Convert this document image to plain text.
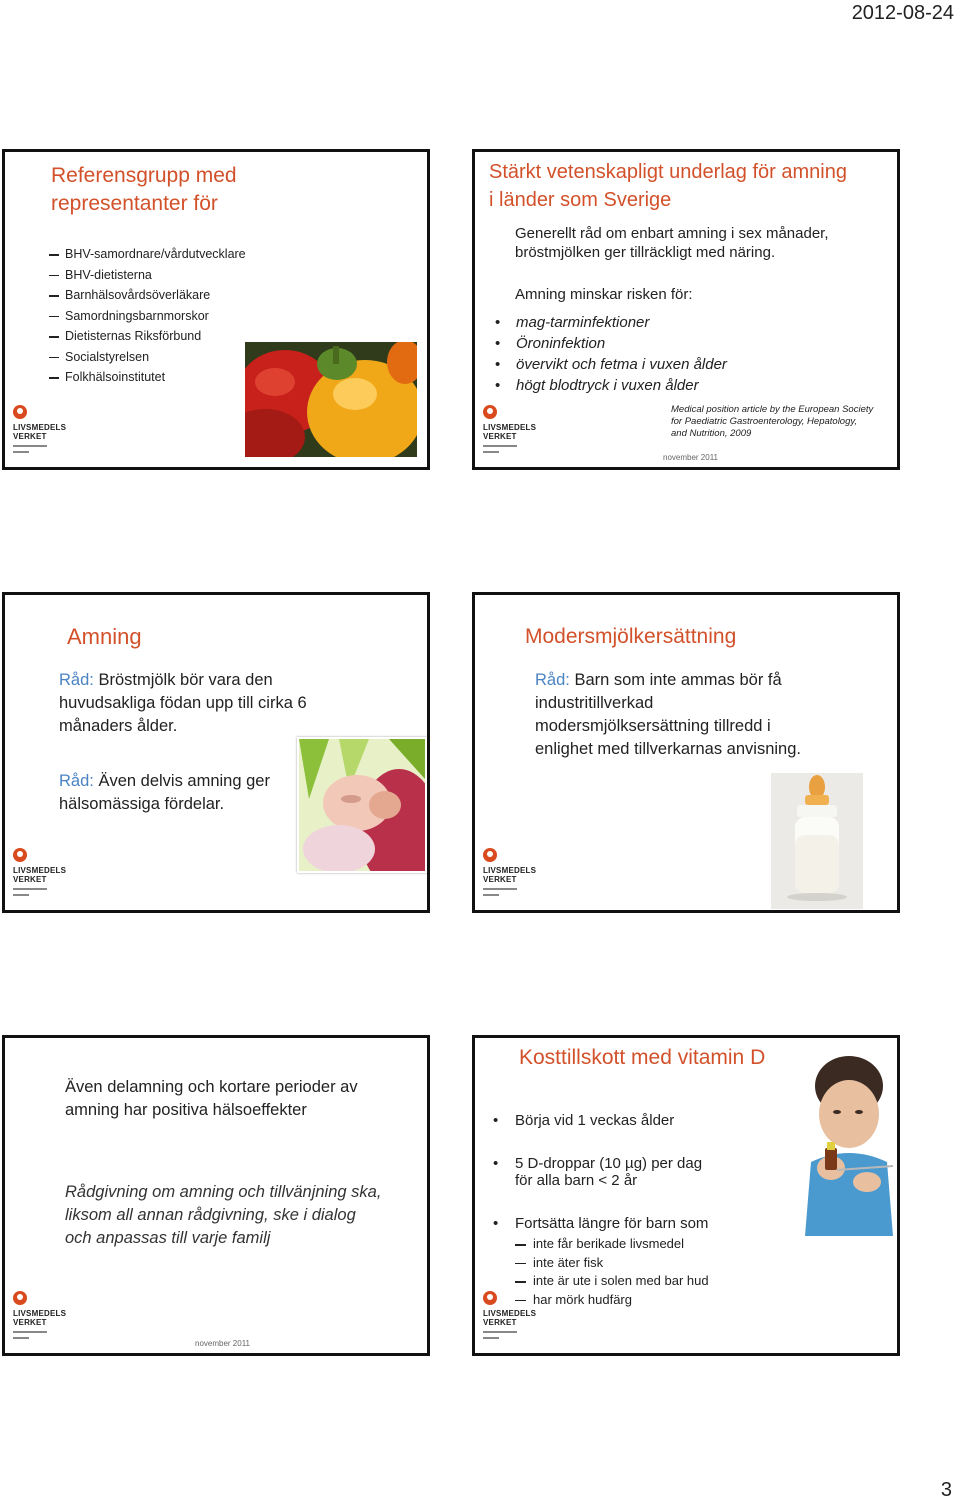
2012-08-24
Referensgrupp med
representanter för
BHV-samordnare/vårdutvecklare
BHV-dietisterna
Barnhälsovårdsöverläkare
Samordningsbarnmorskor
Dietisternas Riksförbund
Socialstyrelsen
Folkhälsoinstitutet
LIVSMEDELS
VERKET
Stärkt vetenskapligt underlag för amning
i länder som Sverige
Generellt råd om enbart amning i sex månader,
bröstmjölken ger tillräckligt med näring.
Amning minskar risken för:
• mag-tarminfektioner
• Öroninfektion
• övervikt och fetma i vuxen ålder
• högt blodtryck i vuxen ålder
Medical position article by the European Society
for Paediatric Gastroenterology, Hepatology,
and Nutrition, 2009
november 2011
LIVSMEDELS
VERKET
Amning
Råd: Bröstmjölk bör vara den
huvudsakliga födan upp till cirka 6
månaders ålder.
Råd: Även delvis amning ger
hälsomässiga fördelar.
LIVSMEDELS
VERKET
Modersmjölkersättning
Råd: Barn som inte ammas bör få
industritillverkad
modersmjölksersättning tillredd i
enlighet med tillverkarnas anvisning.
LIVSMEDELS
VERKET
Även delamning och kortare perioder av
amning har positiva hälsoeffekter
Rådgivning om amning och tillvänjning ska,
liksom all annan rådgivning, ske i dialog
och anpassas till varje familj
november 2011
LIVSMEDELS
VERKET
Kosttillskott med vitamin D
• Börja vid 1 veckas ålder
• 5 D-droppar (10 µg) per dag
för alla barn < 2 år
• Fortsätta längre för barn som
inte får berikade livsmedel
inte äter fisk
inte är ute i solen med bar hud
har mörk hudfärg
LIVSMEDELS
VERKET
3
